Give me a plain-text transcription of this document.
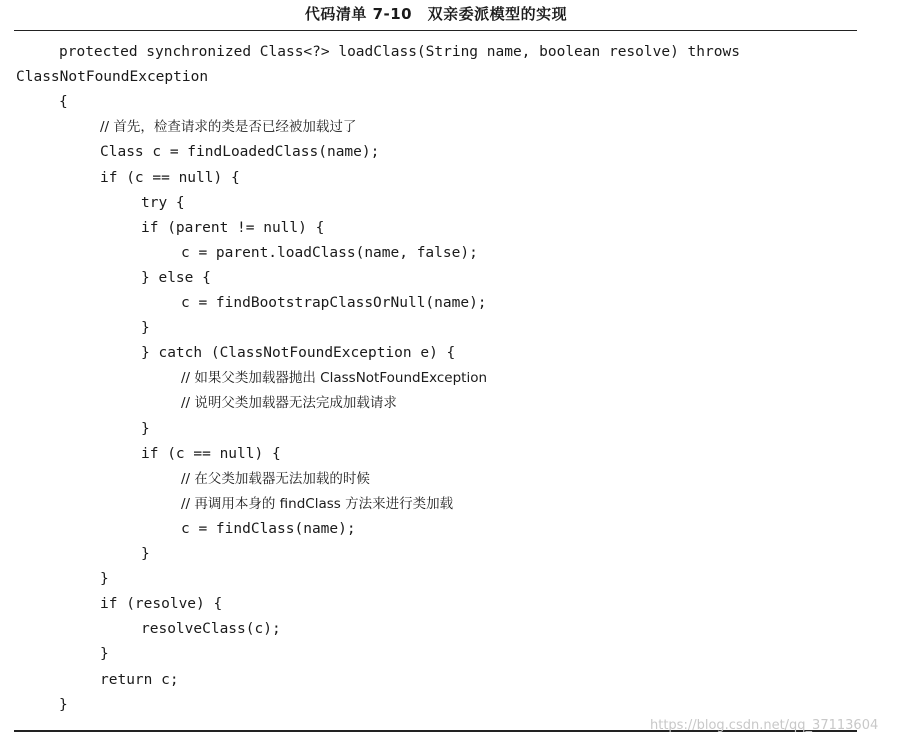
代码清单 7-10　双亲委派模型的实现
protected synchronized Class<?> loadClass(String name, boolean resolve) throws
ClassNotFoundException
{
// 首先，检查请求的类是否已经被加载过了
Class c = findLoadedClass(name);
if (c == null) {
try {
if (parent != null) {
c = parent.loadClass(name, false);
} else {
c = findBootstrapClassOrNull(name);
}
} catch (ClassNotFoundException e) {
// 如果父类加载器抛出 ClassNotFoundException
// 说明父类加载器无法完成加载请求
}
if (c == null) {
// 在父类加载器无法加载的时候
// 再调用本身的 findClass 方法来进行类加载
c = findClass(name);
}
}
if (resolve) {
resolveClass(c);
}
return c;
}
https://blog.csdn.net/qq_37113604
